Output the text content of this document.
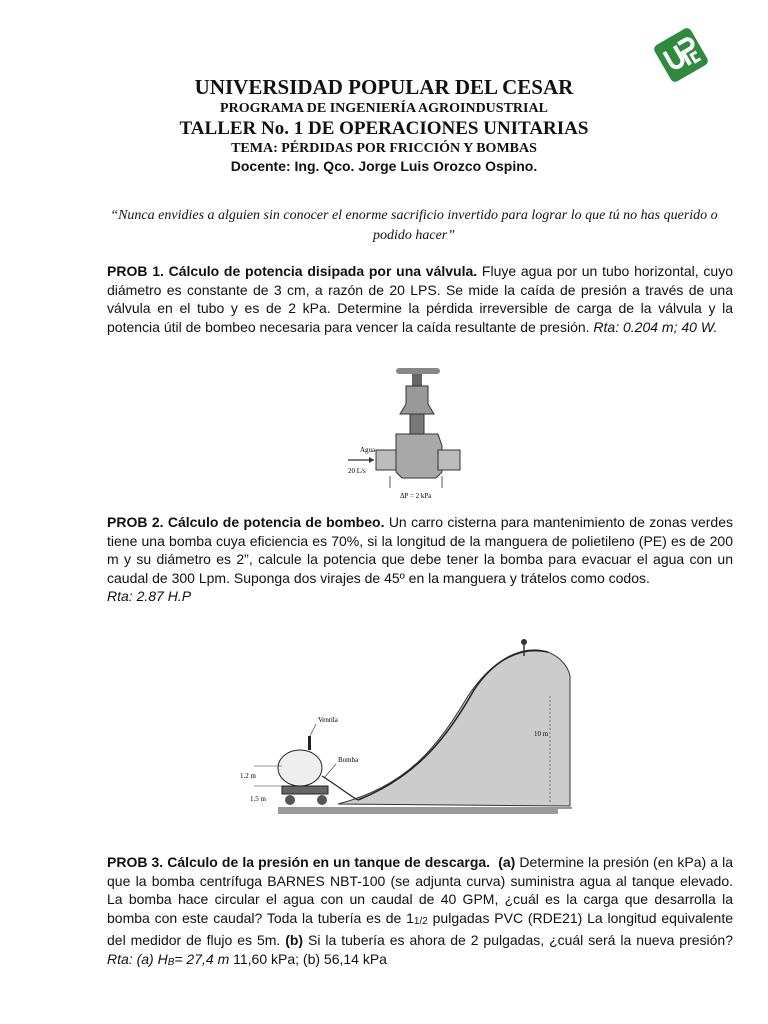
UNIVERSIDAD POPULAR DEL CESAR
PROGRAMA DE INGENIERÍA AGROINDUSTRIAL
TALLER No. 1 DE OPERACIONES UNITARIAS
TEMA: PÉRDIDAS POR FRICCIÓN Y BOMBAS
Docente: Ing. Qco. Jorge Luis Orozco Ospino.
“Nunca envidies a alguien sin conocer el enorme sacrificio invertido para lograr lo que tú no has querido o podido hacer”
PROB 1. Cálculo de potencia disipada por una válvula. Fluye agua por un tubo horizontal, cuyo diámetro es constante de 3 cm, a razón de 20 LPS. Se mide la caída de presión a través de una válvula en el tubo y es de 2 kPa. Determine la pérdida irreversible de carga de la válvula y la potencia útil de bombeo necesaria para vencer la caída resultante de presión. Rta: 0.204 m; 40 W.
Agua
20 L/s
ΔP = 2 kPa
PROB 2. Cálculo de potencia de bombeo. Un carro cisterna para mantenimiento de zonas verdes tiene una bomba cuya eficiencia es 70%, si la longitud de la manguera de polietileno (PE) es de 200 m y su diámetro es 2”, calcule la potencia que debe tener la bomba para evacuar el agua con un caudal de 300 Lpm. Suponga dos virajes de 45º en la manguera y trátelos como codos.
Rta: 2.87 H.P
Ventila
Bomba
1.2 m
1.5 m
10 m
PROB 3. Cálculo de la presión en un tanque de descarga. (a) Determine la presión (en kPa) a la que la bomba centrífuga BARNES NBT-100 (se adjunta curva) suministra agua al tanque elevado. La bomba hace circular el agua con un caudal de 40 GPM, ¿cuál es la carga que desarrolla la bomba con este caudal? Toda la tubería es de 11/2 pulgadas PVC (RDE21) La longitud equivalente del medidor de flujo es 5m. (b) Si la tubería es ahora de 2 pulgadas, ¿cuál será la nueva presión? Rta: (a) HB= 27,4 m 11,60 kPa; (b) 56,14 kPa
